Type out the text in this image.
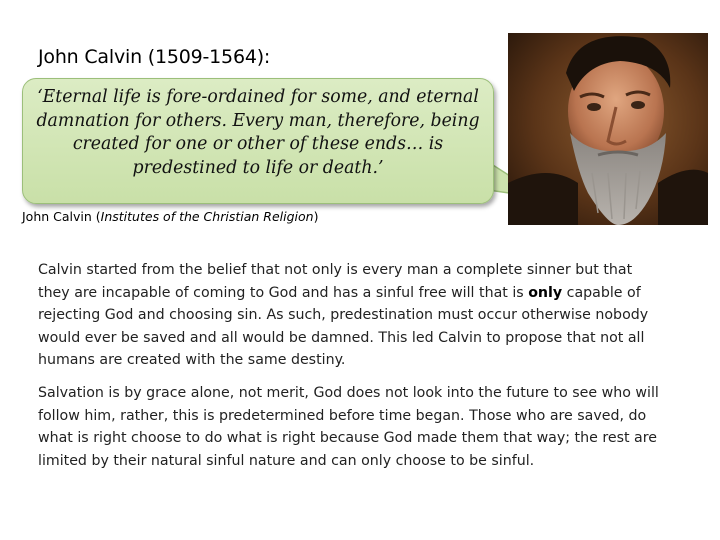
John Calvin (1509-1564):
‘Eternal life is fore-ordained for some, and eternal damnation for others. Every man, therefore, being created for one or other of these ends… is predestined to life or death.’
John Calvin (Institutes of the Christian Religion)

Calvin started from the belief that not only is every man a complete sinner but that they are incapable of coming to God and has a sinful free will that is only capable of rejecting God and choosing sin. As such, predestination must occur otherwise nobody would ever be saved and all would be damned. This led Calvin to propose that not all humans are created with the same destiny.

Salvation is by grace alone, not merit, God does not look into the future to see who will follow him, rather, this is predetermined before time began. Those who are saved, do what is right choose to do what is right because God made them that way; the rest are limited by their natural sinful nature and can only choose to be sinful.
